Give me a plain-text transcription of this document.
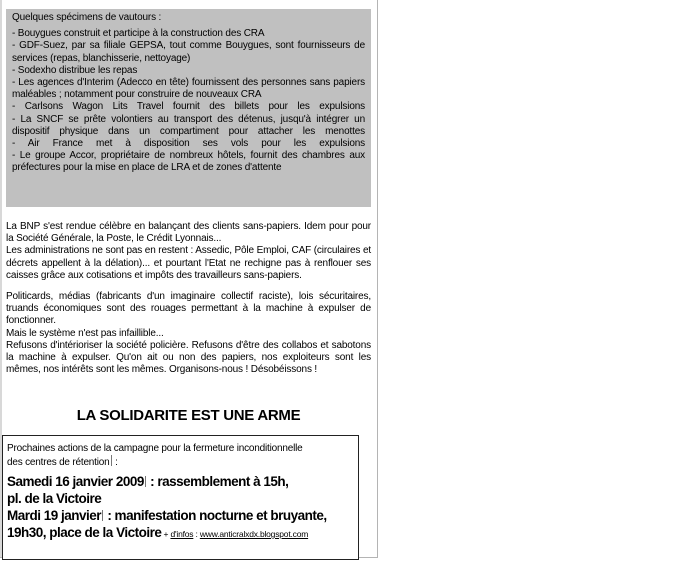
Quelques spécimens de vautours :
- Bouygues construit et participe à la construction des CRA
- GDF-Suez, par sa filiale GEPSA, tout comme Bouygues, sont fournisseurs de
services (repas, blanchisserie, nettoyage)
- Sodexho distribue les repas
- Les agences d'Interim (Adecco en tête) fournissent des personnes sans papiers
maléables ; notamment pour construire de nouveaux CRA
- Carlsons Wagon Lits Travel fournit des billets pour les expulsions
- La SNCF se prête volontiers au transport des détenus, jusqu'à intégrer un
dispositif physique dans un compartiment pour attacher les menottes
- Air France met à disposition ses vols pour les expulsions
- Le groupe Accor, propriétaire de nombreux hôtels, fournit des chambres aux
préfectures pour la mise en place de LRA et de zones d'attente

La BNP s'est rendue célèbre en balançant des clients sans-papiers. Idem pour pour

la Société Générale, la Poste, le Crédit Lyonnais...

Les administrations ne sont pas en restent : Assedic, Pôle Emploi, CAF (circulaires et

décrets appellent à la délation)... et pourtant l'Etat ne rechigne pas à renflouer ses

caisses grâce aux cotisations et impôts des travailleurs sans-papiers.

Politicards, médias (fabricants d'un imaginaire collectif raciste), lois sécuritaires,

truands économiques sont des rouages permettant à la machine à expulser de

fonctionner.

Mais le système n'est pas infaillible...

Refusons d'intérioriser la société policière. Refusons d'être des collabos et sabotons

la machine à expulser. Qu'on ait ou non des papiers, nos exploiteurs sont les

mêmes, nos intérêts sont les mêmes. Organisons-nous ! Désobéissons !

LA SOLIDARITE EST UNE ARME
Prochaines actions de la campagne pour la fermeture inconditionnelle
des centres de rétention :
Samedi 16 janvier 2009 : rassemblement à 15h,
pl. de la Victoire
Mardi 19 janvier : manifestation nocturne et bruyante,
19h30, place de la Victoire + d'infos : www.anticralxdx.blogspot.com
